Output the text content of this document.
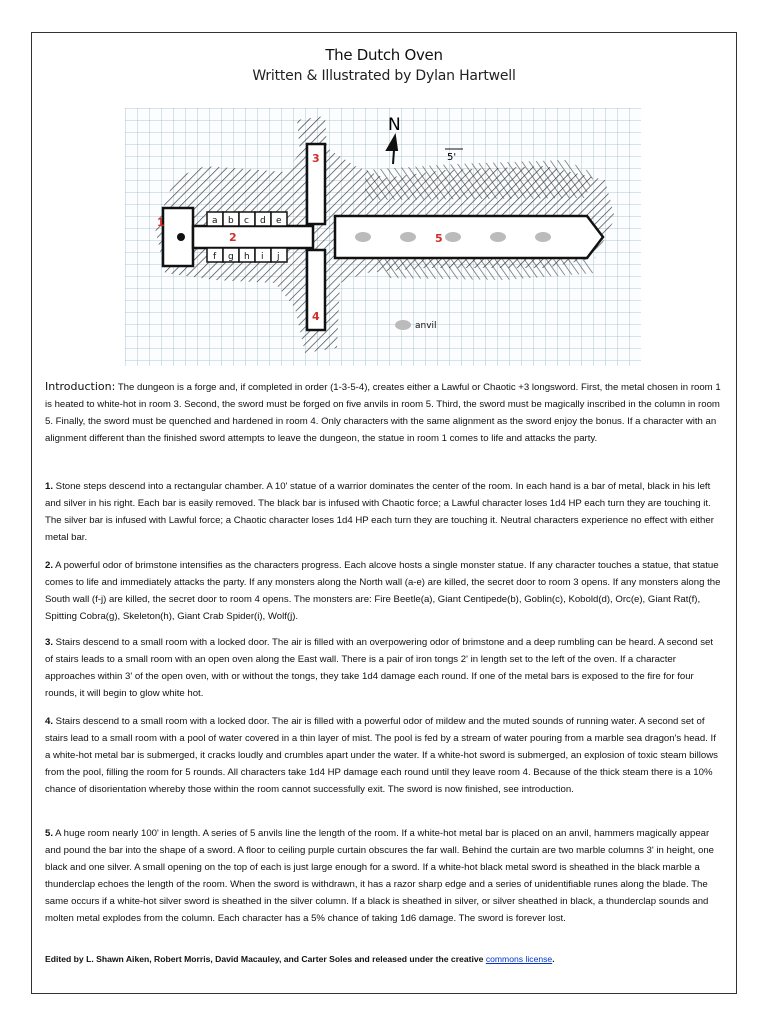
The Dutch Oven
Written & Illustrated by Dylan Hartwell
N
5'
1
2
3
4
5
a b c d e
f g h i j
anvil

Introduction: The dungeon is a forge and, if completed in order (1-3-5-4), creates either a Lawful or Chaotic +3 longsword. First, the metal chosen in room 1 is heated to white-hot in room 3. Second, the sword must be forged on five anvils in room 5. Third, the sword must be magically inscribed in the column in room 5. Finally, the sword must be quenched and hardened in room 4. Only characters with the same alignment as the sword enjoy the bonus. If a character with an alignment different than the finished sword attempts to leave the dungeon, the statue in room 1 comes to life and attacks the party.

1. Stone steps descend into a rectangular chamber. A 10' statue of a warrior dominates the center of the room. In each hand is a bar of metal, black in his left and silver in his right. Each bar is easily removed. The black bar is infused with Chaotic force; a Lawful character loses 1d4 HP each turn they are touching it. The silver bar is infused with Lawful force; a Chaotic character loses 1d4 HP each turn they are touching it. Neutral characters experience no effect with either metal bar.

2. A powerful odor of brimstone intensifies as the characters progress. Each alcove hosts a single monster statue. If any character touches a statue, that statue comes to life and immediately attacks the party. If any monsters along the North wall (a-e) are killed, the secret door to room 3 opens. If any monsters along the South wall (f-j) are killed, the secret door to room 4 opens. The monsters are: Fire Beetle(a), Giant Centipede(b), Goblin(c), Kobold(d), Orc(e), Giant Rat(f), Spitting Cobra(g), Skeleton(h), Giant Crab Spider(i), Wolf(j).

3. Stairs descend to a small room with a locked door. The air is filled with an overpowering odor of brimstone and a deep rumbling can be heard. A second set of stairs leads to a small room with an open oven along the East wall. There is a pair of iron tongs 2' in length set to the left of the oven. If a character approaches within 3' of the open oven, with or without the tongs, they take 1d4 damage each round. If one of the metal bars is exposed to the fire for four rounds, it will begin to glow white hot.

4. Stairs descend to a small room with a locked door. The air is filled with a powerful odor of mildew and the muted sounds of running water. A second set of stairs lead to a small room with a pool of water covered in a thin layer of mist. The pool is fed by a stream of water pouring from a marble sea dragon's head. If a white-hot metal bar is submerged, it cracks loudly and crumbles apart under the water. If a white-hot sword is submerged, an explosion of toxic steam billows from the pool, filling the room for 5 rounds. All characters take 1d4 HP damage each round until they leave room 4. Because of the thick steam there is a 10% chance of disorientation whereby those within the room cannot successfully exit. The sword is now finished, see introduction.

5. A huge room nearly 100' in length. A series of 5 anvils line the length of the room. If a white-hot metal bar is placed on an anvil, hammers magically appear and pound the bar into the shape of a sword. A floor to ceiling purple curtain obscures the far wall. Behind the curtain are two marble columns 3' in height, one black and one silver. A small opening on the top of each is just large enough for a sword. If a white-hot black metal sword is sheathed in the black marble a thunderclap echoes the length of the room. When the sword is withdrawn, it has a razor sharp edge and a series of unidentifiable runes along the blade. The same occurs if a white-hot silver sword is sheathed in the silver column. If a black is sheathed in silver, or silver sheathed in black, a thunderclap sounds and molten metal explodes from the column. Each character has a 5% chance of taking 1d6 damage. The sword is forever lost.

Edited by L. Shawn Aiken, Robert Morris, David Macauley, and Carter Soles and released under the creative commons license.
